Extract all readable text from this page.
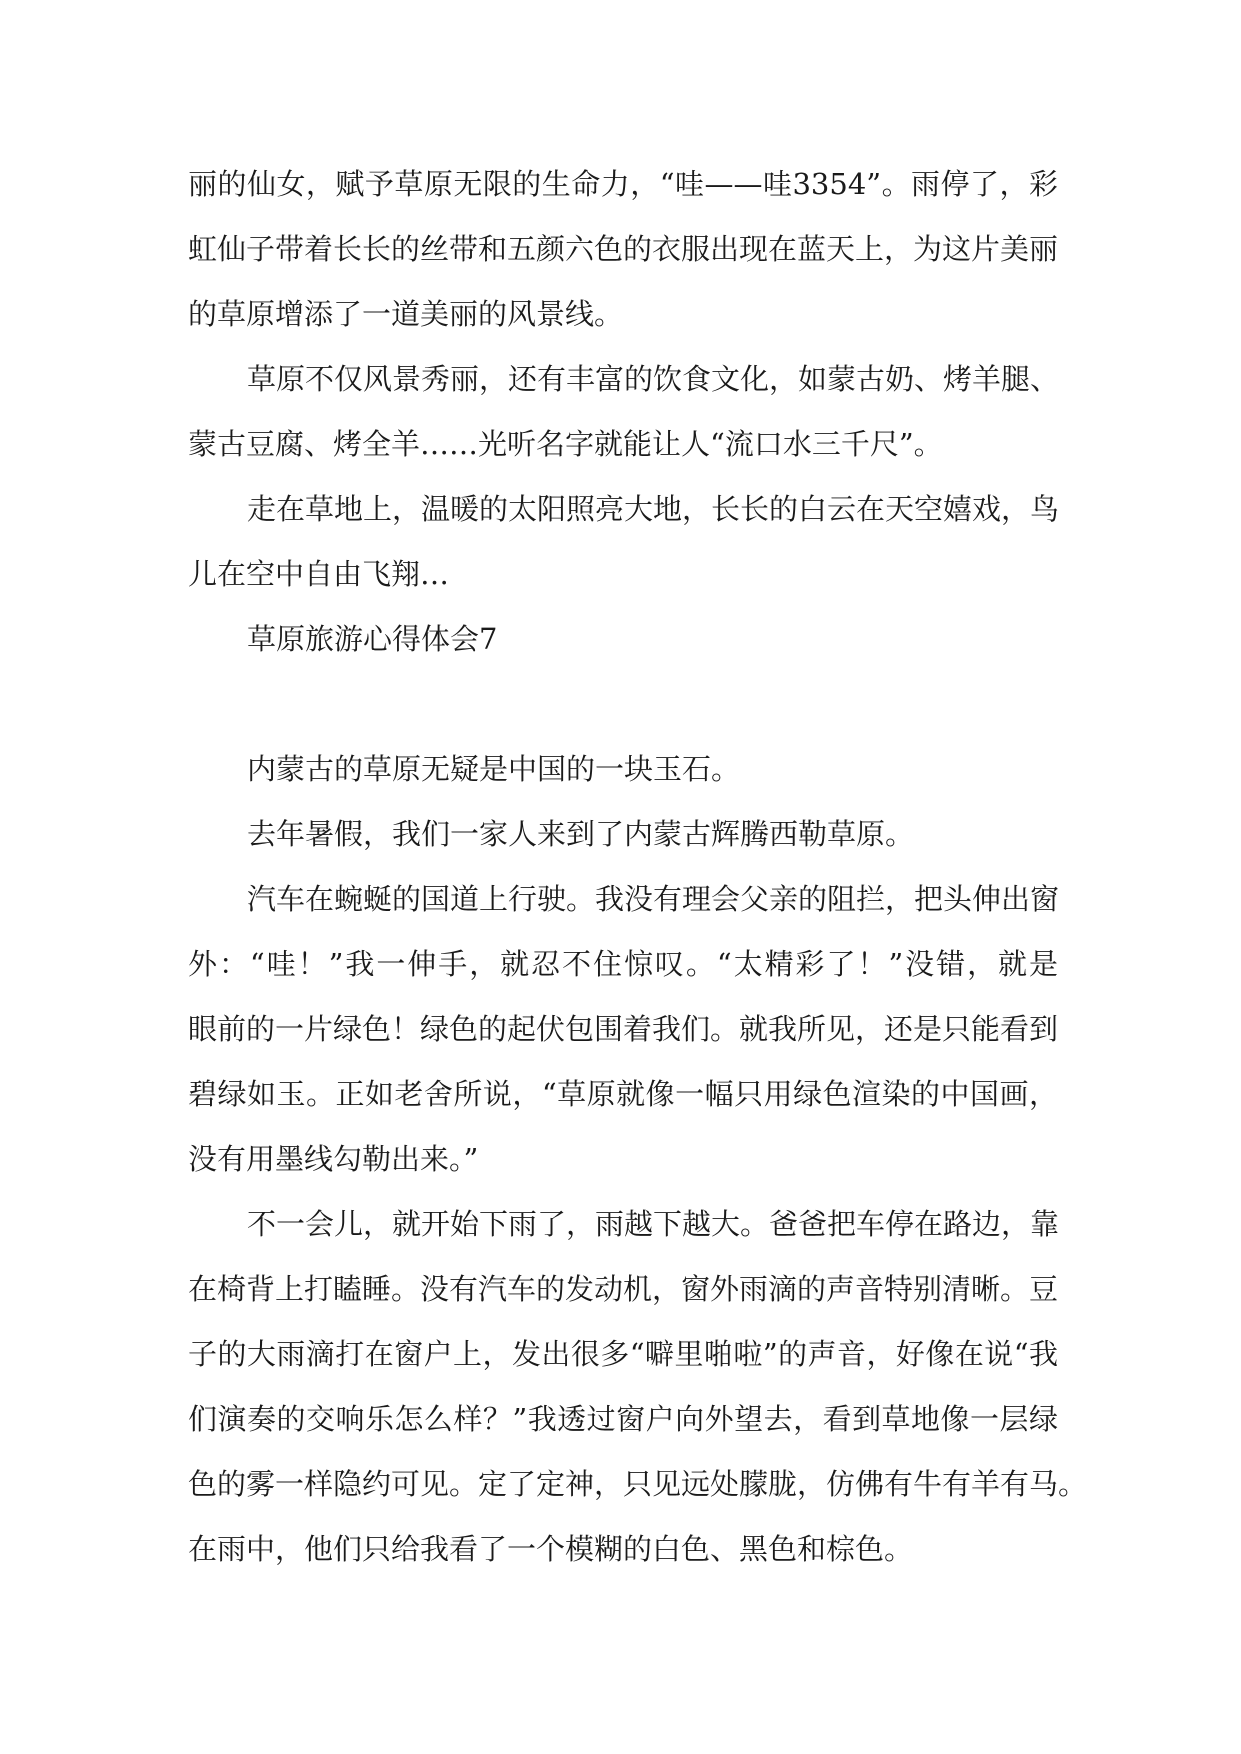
丽的仙女，赋予草原无限的生命力，“哇——哇3354”。雨停了，彩
虹仙子带着长长的丝带和五颜六色的衣服出现在蓝天上，为这片美丽
的草原增添了一道美丽的风景线。
草原不仅风景秀丽，还有丰富的饮食文化，如蒙古奶、烤羊腿、
蒙古豆腐、烤全羊……光听名字就能让人“流口水三千尺”。
走在草地上，温暖的太阳照亮大地，长长的白云在天空嬉戏，鸟
儿在空中自由飞翔…
草原旅游心得体会7
内蒙古的草原无疑是中国的一块玉石。
去年暑假，我们一家人来到了内蒙古辉腾西勒草原。
汽车在蜿蜒的国道上行驶。我没有理会父亲的阻拦，把头伸出窗
外：“哇！”我一伸手，就忍不住惊叹。“太精彩了！”没错，就是
眼前的一片绿色！绿色的起伏包围着我们。就我所见，还是只能看到
碧绿如玉。正如老舍所说，“草原就像一幅只用绿色渲染的中国画，
没有用墨线勾勒出来。”
不一会儿，就开始下雨了，雨越下越大。爸爸把车停在路边，靠
在椅背上打瞌睡。没有汽车的发动机，窗外雨滴的声音特别清晰。豆
子的大雨滴打在窗户上，发出很多“噼里啪啦”的声音，好像在说“我
们演奏的交响乐怎么样？”我透过窗户向外望去，看到草地像一层绿
色的雾一样隐约可见。定了定神，只见远处朦胧，仿佛有牛有羊有马。
在雨中，他们只给我看了一个模糊的白色、黑色和棕色。
